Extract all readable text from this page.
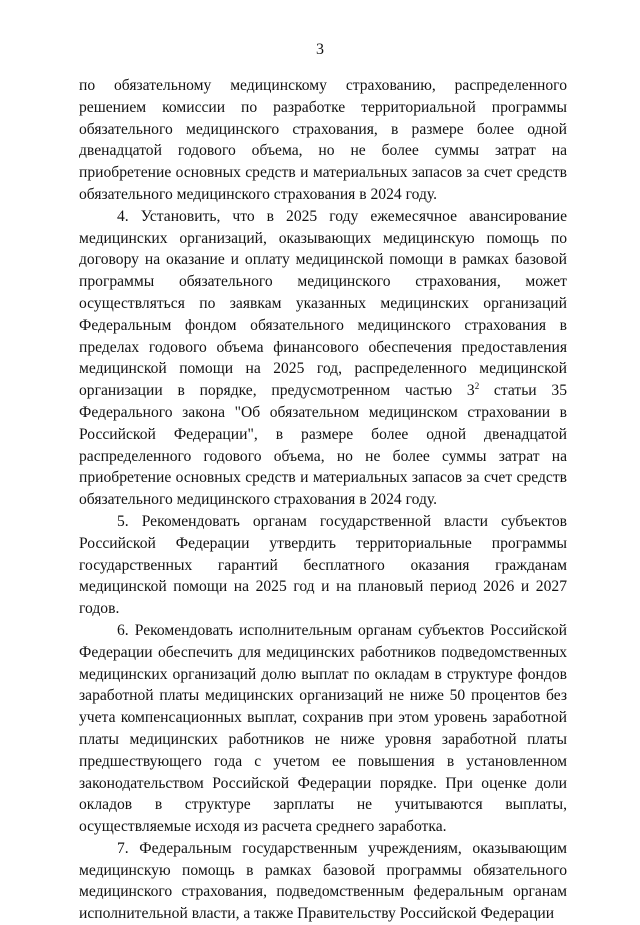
3

по обязательному медицинскому страхованию, распределенного решением комиссии по разработке территориальной программы обязательного медицинского страхования, в размере более одной двенадцатой годового объема, но не более суммы затрат на приобретение основных средств и материальных запасов за счет средств обязательного медицинского страхования в 2024 году.

4. Установить, что в 2025 году ежемесячное авансирование медицинских организаций, оказывающих медицинскую помощь по договору на оказание и оплату медицинской помощи в рамках базовой программы обязательного медицинского страхования, может осуществляться по заявкам указанных медицинских организаций Федеральным фондом обязательного медицинского страхования в пределах годового объема финансового обеспечения предоставления медицинской помощи на 2025 год, распределенного медицинской организации в порядке, предусмотренном частью $3^2$ статьи 35 Федерального закона "Об обязательном медицинском страховании в Российской Федерации", в размере более одной двенадцатой распределенного годового объема, но не более суммы затрат на приобретение основных средств и материальных запасов за счет средств обязательного медицинского страхования в 2024 году.

5. Рекомендовать органам государственной власти субъектов Российской Федерации утвердить территориальные программы государственных гарантий бесплатного оказания гражданам медицинской помощи на 2025 год и на плановый период 2026 и 2027 годов.

6. Рекомендовать исполнительным органам субъектов Российской Федерации обеспечить для медицинских работников подведомственных медицинских организаций долю выплат по окладам в структуре фондов заработной платы медицинских организаций не ниже 50 процентов без учета компенсационных выплат, сохранив при этом уровень заработной платы медицинских работников не ниже уровня заработной платы предшествующего года с учетом ее повышения в установленном законодательством Российской Федерации порядке. При оценке доли окладов в структуре зарплаты не учитываются выплаты, осуществляемые исходя из расчета среднего заработка.

7. Федеральным государственным учреждениям, оказывающим медицинскую помощь в рамках базовой программы обязательного медицинского страхования, подведомственным федеральным органам исполнительной власти, а также Правительству Российской Федерации
